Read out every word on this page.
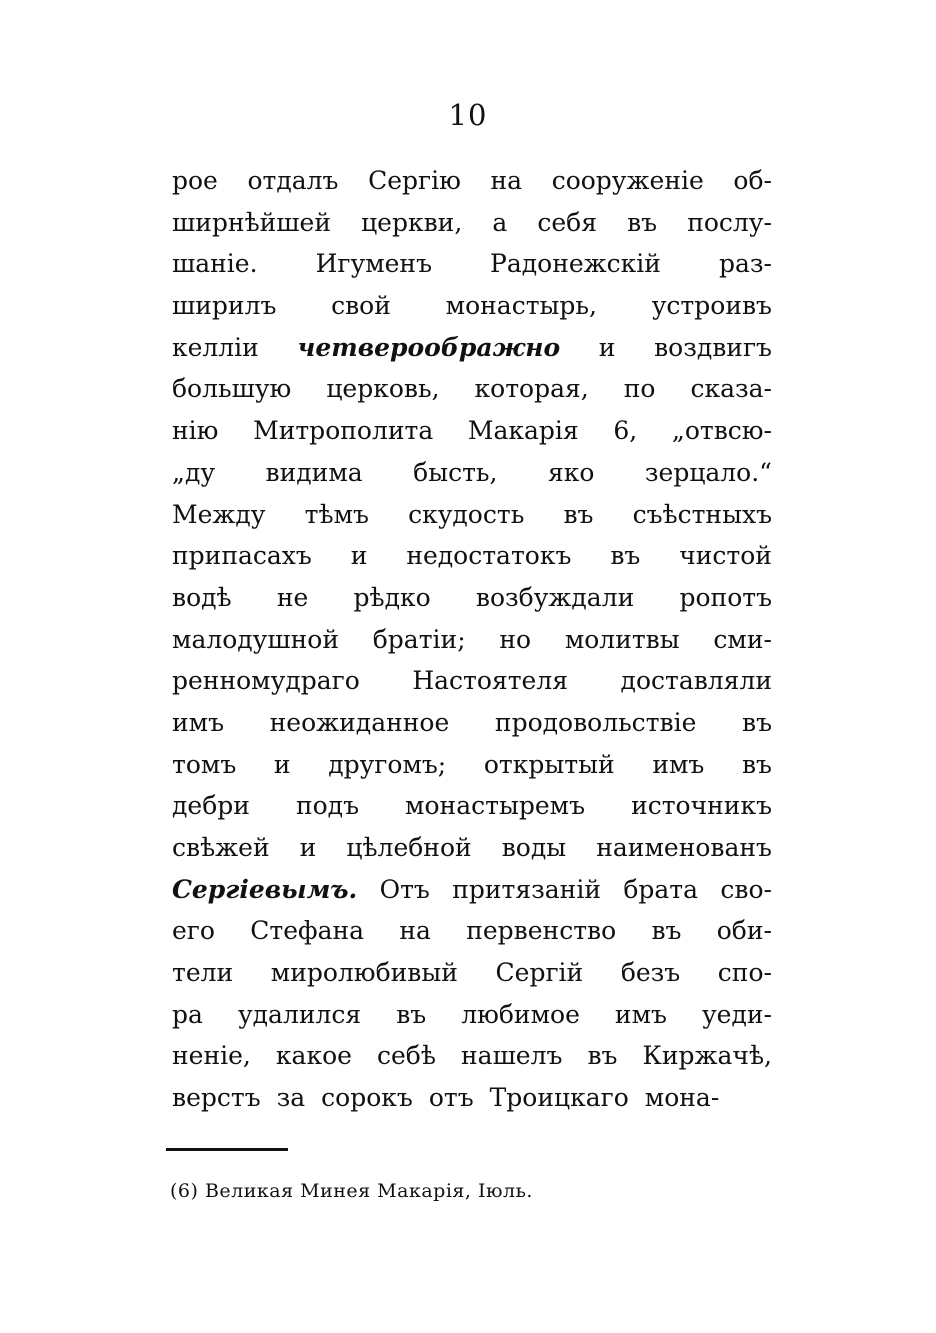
10
рое отдалъ Сергію на сооруженіе об-
ширнѣйшей церкви, а себя въ послу-
шаніе. Игуменъ Радонежскій раз-
ширилъ свой монастырь, устроивъ
келліи четвероображно и воздвигъ
большую церковь, которая, по сказа-
нію Митрополита Макарія 6, „отвсю-
„ду видима бысть, яко зерцало.“
Между тѣмъ скудость въ съѣстныхъ
припасахъ и недостатокъ въ чистой
водѣ не рѣдко возбуждали ропотъ
малодушной братіи; но молитвы сми-
ренномудраго Настоятеля доставляли
имъ неожиданное продовольствіе въ
томъ и другомъ; открытый имъ въ
дебри подъ монастыремъ источникъ
свѣжей и цѣлебной воды наименованъ
Сергіевымъ. Отъ притязаній брата сво-
его Стефана на первенство въ оби-
тели миролюбивый Сергій безъ спо-
ра удалился въ любимое имъ уеди-
неніе, какое себѣ нашелъ въ Киржачѣ,
верстъ за сорокъ отъ Троицкаго мона-
(6) Великая Минея Макарія, Іюль.
